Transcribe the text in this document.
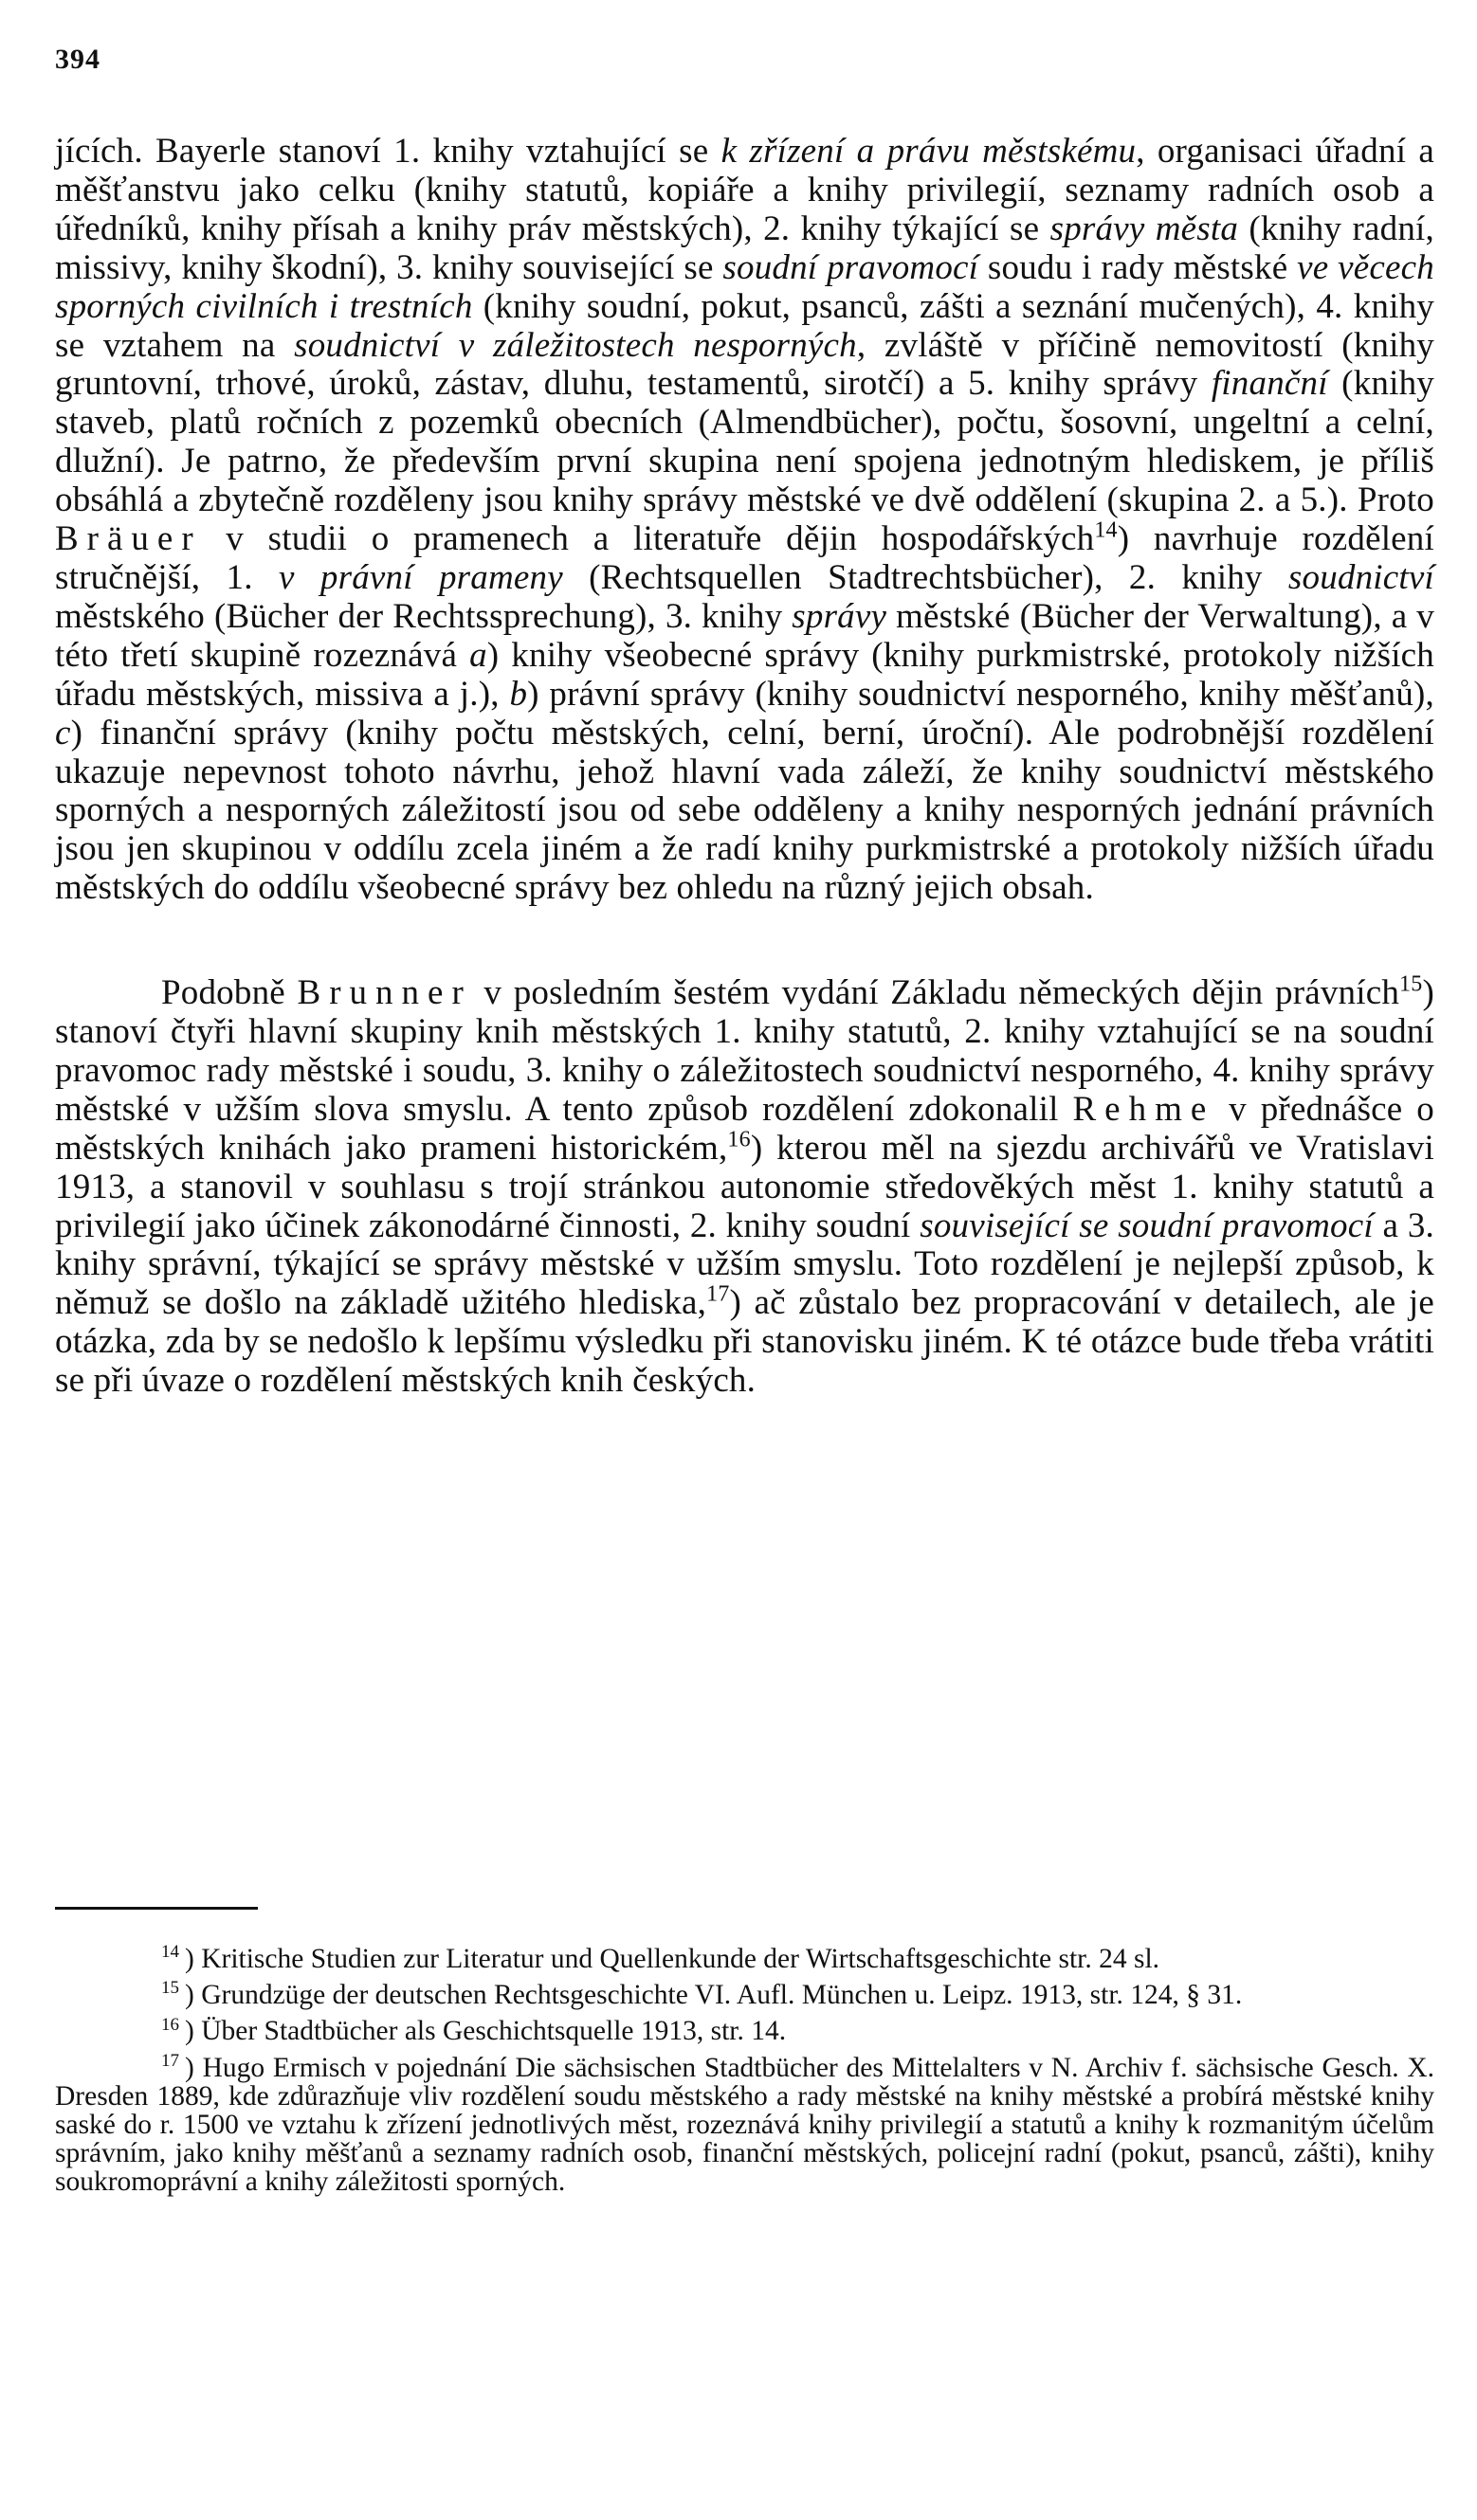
394

jících. Bayerle stanoví 1. knihy vztahující se k zřízení a právu městskému, organisaci úřadní a měšťanstvu jako celku (knihy statutů, kopiáře a knihy privilegií, seznamy radních osob a úředníků, knihy přísah a knihy práv městských), 2. knihy týkající se správy města (knihy radní, missivy, knihy škodní), 3. knihy související se soudní pravomocí soudu i rady městské ve věcech sporných civilních i trestních (knihy soudní, pokut, psanců, zášti a seznání mučených), 4. knihy se vztahem na soudnictví v záležitostech nesporných, zvláště v příčině nemovitostí (knihy gruntovní, trhové, úroků, zástav, dluhu, testamentů, sirotčí) a 5. knihy správy finanční (knihy staveb, platů ročních z pozemků obecních (Almendbücher), počtu, šosovní, ungeltní a celní, dlužní). Je patrno, že především první skupina není spojena jednotným hlediskem, je příliš obsáhlá a zbytečně rozděleny jsou knihy správy městské ve dvě oddělení (skupina 2. a 5.). Proto Bräuer v studii o pramenech a literatuře dějin hospodářských$^{14}$) navrhuje rozdělení stručnější, 1. v právní prameny (Rechtsquellen Stadtrechtsbücher), 2. knihy soudnictví městského (Bücher der Rechtssprechung), 3. knihy správy městské (Bücher der Verwaltung), a v této třetí skupině rozeznává a) knihy všeobecné správy (knihy purkmistrské, protokoly nižších úřadu městských, missiva a j.), b) právní správy (knihy soudnictví nesporného, knihy měšťanů), c) finanční správy (knihy počtu městských, celní, berní, úroční). Ale podrobnější rozdělení ukazuje nepevnost tohoto návrhu, jehož hlavní vada záleží, že knihy soudnictví městského sporných a nesporných záležitostí jsou od sebe odděleny a knihy nesporných jednání právních jsou jen skupinou v oddílu zcela jiném a že radí knihy purkmistrské a protokoly nižších úřadu městských do oddílu všeobecné správy bez ohledu na různý jejich obsah.

Podobně Brunner v posledním šestém vydání Základu německých dějin právních$^{15}$) stanoví čtyři hlavní skupiny knih městských 1. knihy statutů, 2. knihy vztahující se na soudní pravomoc rady městské i soudu, 3. knihy o záležitostech soudnictví nesporného, 4. knihy správy městské v užším slova smyslu. A tento způsob rozdělení zdokonalil Rehme v přednášce o městských knihách jako prameni historickém,$^{16}$) kterou měl na sjezdu archivářů ve Vratislavi 1913, a stanovil v souhlasu s trojí stránkou autonomie středověkých měst 1. knihy statutů a privilegií jako účinek zákonodárné činnosti, 2. knihy soudní související se soudní pravomocí a 3. knihy správní, týkající se správy městské v užším smyslu. Toto rozdělení je nejlepší způsob, k němuž se došlo na základě užitého hlediska,$^{17}$) ač zůstalo bez propracování v detailech, ale je otázka, zda by se nedošlo k lepšímu výsledku při stanovisku jiném. K té otázce bude třeba vrátiti se při úvaze o rozdělení městských knih českých.

$^{14}$ ) Kritische Studien zur Literatur und Quellenkunde der Wirtschaftsgeschichte str. 24 sl.

$^{15}$ ) Grundzüge der deutschen Rechtsgeschichte VI. Aufl. München u. Leipz. 1913, str. 124, § 31.

$^{16}$ ) Über Stadtbücher als Geschichtsquelle 1913, str. 14.

$^{17}$ ) Hugo Ermisch v pojednání Die sächsischen Stadtbücher des Mittelalters v N. Archiv f. sächsische Gesch. X. Dresden 1889, kde zdůrazňuje vliv rozdělení soudu městského a rady městské na knihy městské a probírá městské knihy saské do r. 1500 ve vztahu k zřízení jednotlivých měst, rozeznává knihy privilegií a statutů a knihy k rozmanitým účelům správním, jako knihy měšťanů a seznamy radních osob, finanční městských, policejní radní (pokut, psanců, zášti), knihy soukromoprávní a knihy záležitosti sporných.
